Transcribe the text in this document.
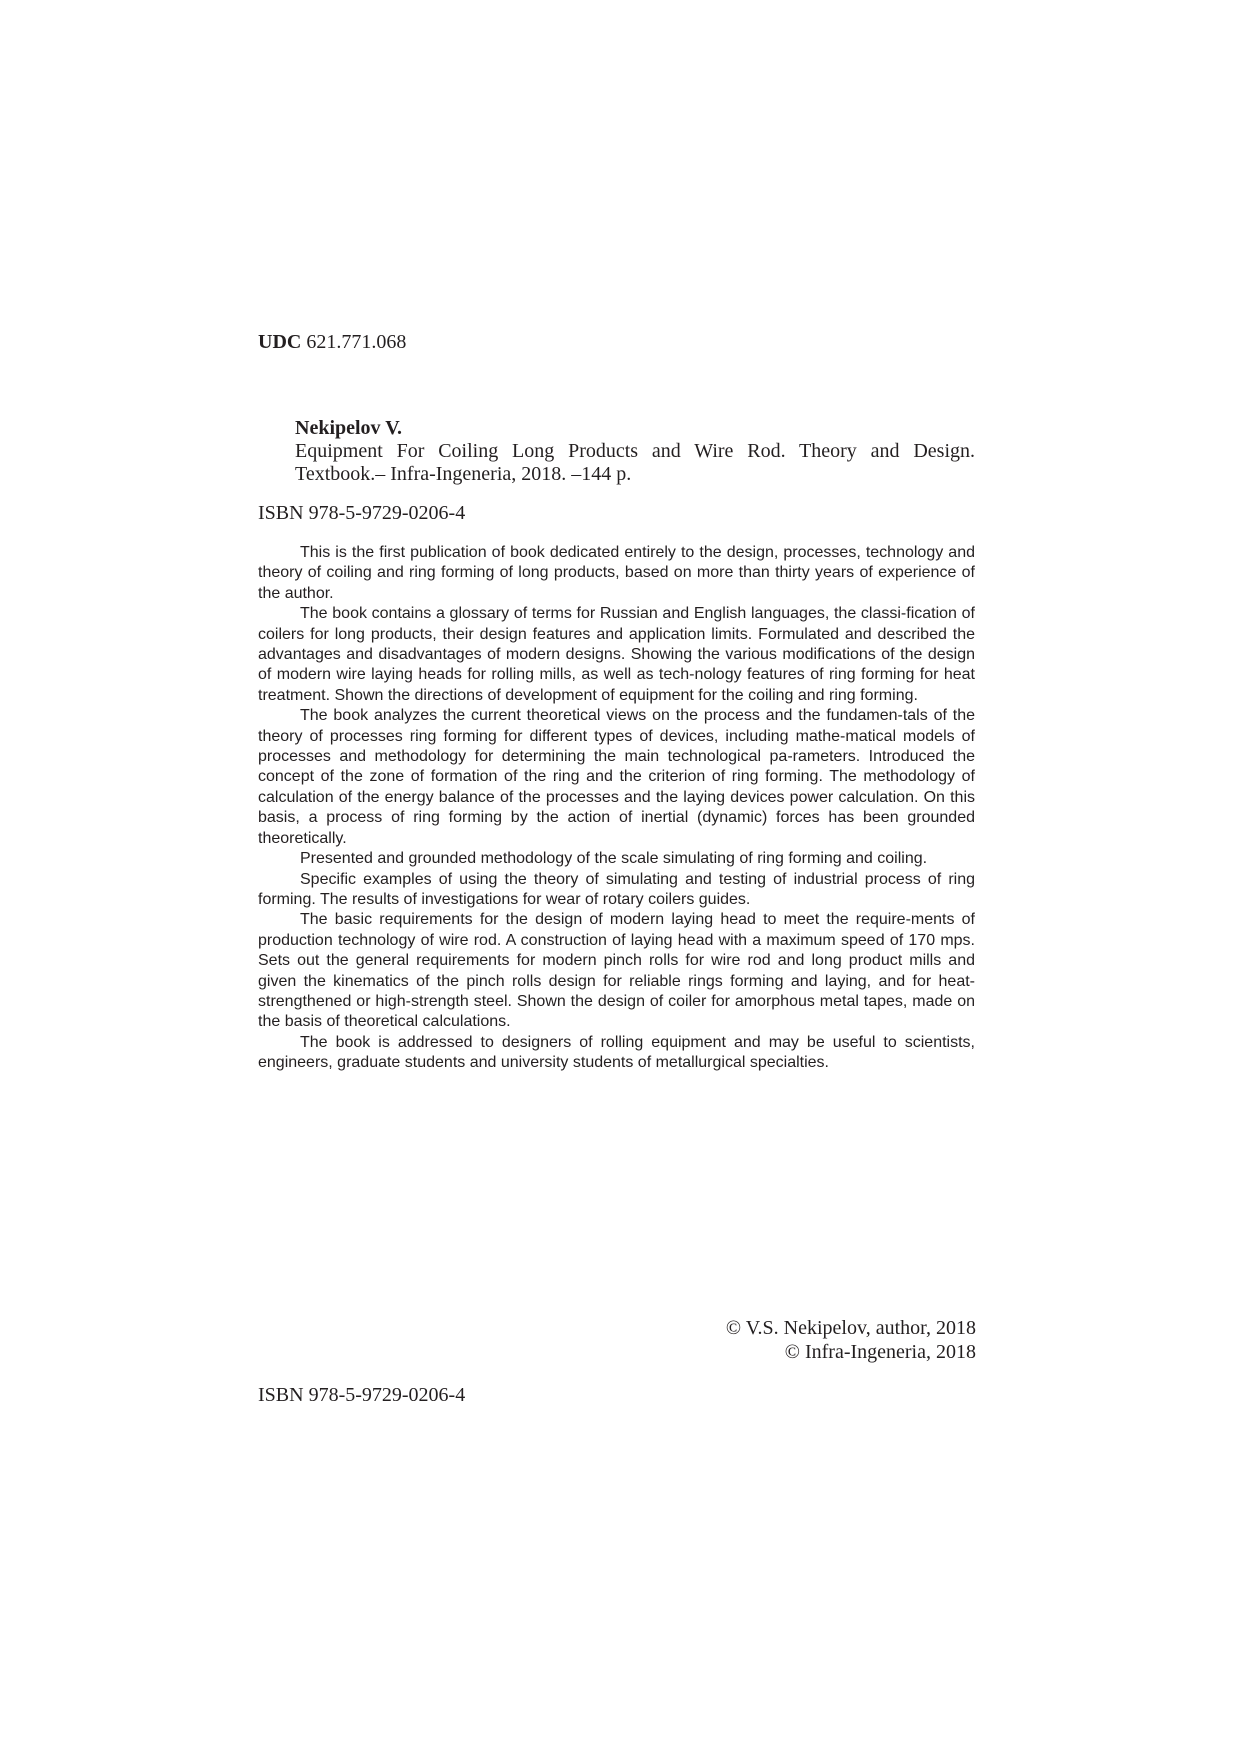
UDC 621.771.068
Nekipelov V.
Equipment For Coiling Long Products and Wire Rod. Theory and Design. Textbook.– Infra-Ingeneria, 2018. –144 p.
ISBN 978-5-9729-0206-4

This is the first publication of book dedicated entirely to the design, processes, technology and theory of coiling and ring forming of long products, based on more than thirty years of experience of the author.

The book contains a glossary of terms for Russian and English languages, the classi-fication of coilers for long products, their design features and application limits. Formulated and described the advantages and disadvantages of modern designs. Showing the various modifications of the design of modern wire laying heads for rolling mills, as well as tech-nology features of ring forming for heat treatment. Shown the directions of development of equipment for the coiling and ring forming.

The book analyzes the current theoretical views on the process and the fundamen-tals of the theory of processes ring forming for different types of devices, including mathe-matical models of processes and methodology for determining the main technological pa-rameters. Introduced the concept of the zone of formation of the ring and the criterion of ring forming. The methodology of calculation of the energy balance of the processes and the laying devices power calculation. On this basis, a process of ring forming by the action of inertial (dynamic) forces has been grounded theoretically.

Presented and grounded methodology of the scale simulating of ring forming and coiling.

Specific examples of using the theory of simulating and testing of industrial process of ring forming. The results of investigations for wear of rotary coilers guides.

The basic requirements for the design of modern laying head to meet the require-ments of production technology of wire rod. A construction of laying head with a maximum speed of 170 mps. Sets out the general requirements for modern pinch rolls for wire rod and long product mills and given the kinematics of the pinch rolls design for reliable rings forming and laying, and for heat-strengthened or high-strength steel. Shown the design of coiler for amorphous metal tapes, made on the basis of theoretical calculations.

The book is addressed to designers of rolling equipment and may be useful to scientists, engineers, graduate students and university students of metallurgical specialties.

© V.S. Nekipelov, author, 2018
© Infra-Ingeneria, 2018
ISBN 978-5-9729-0206-4
